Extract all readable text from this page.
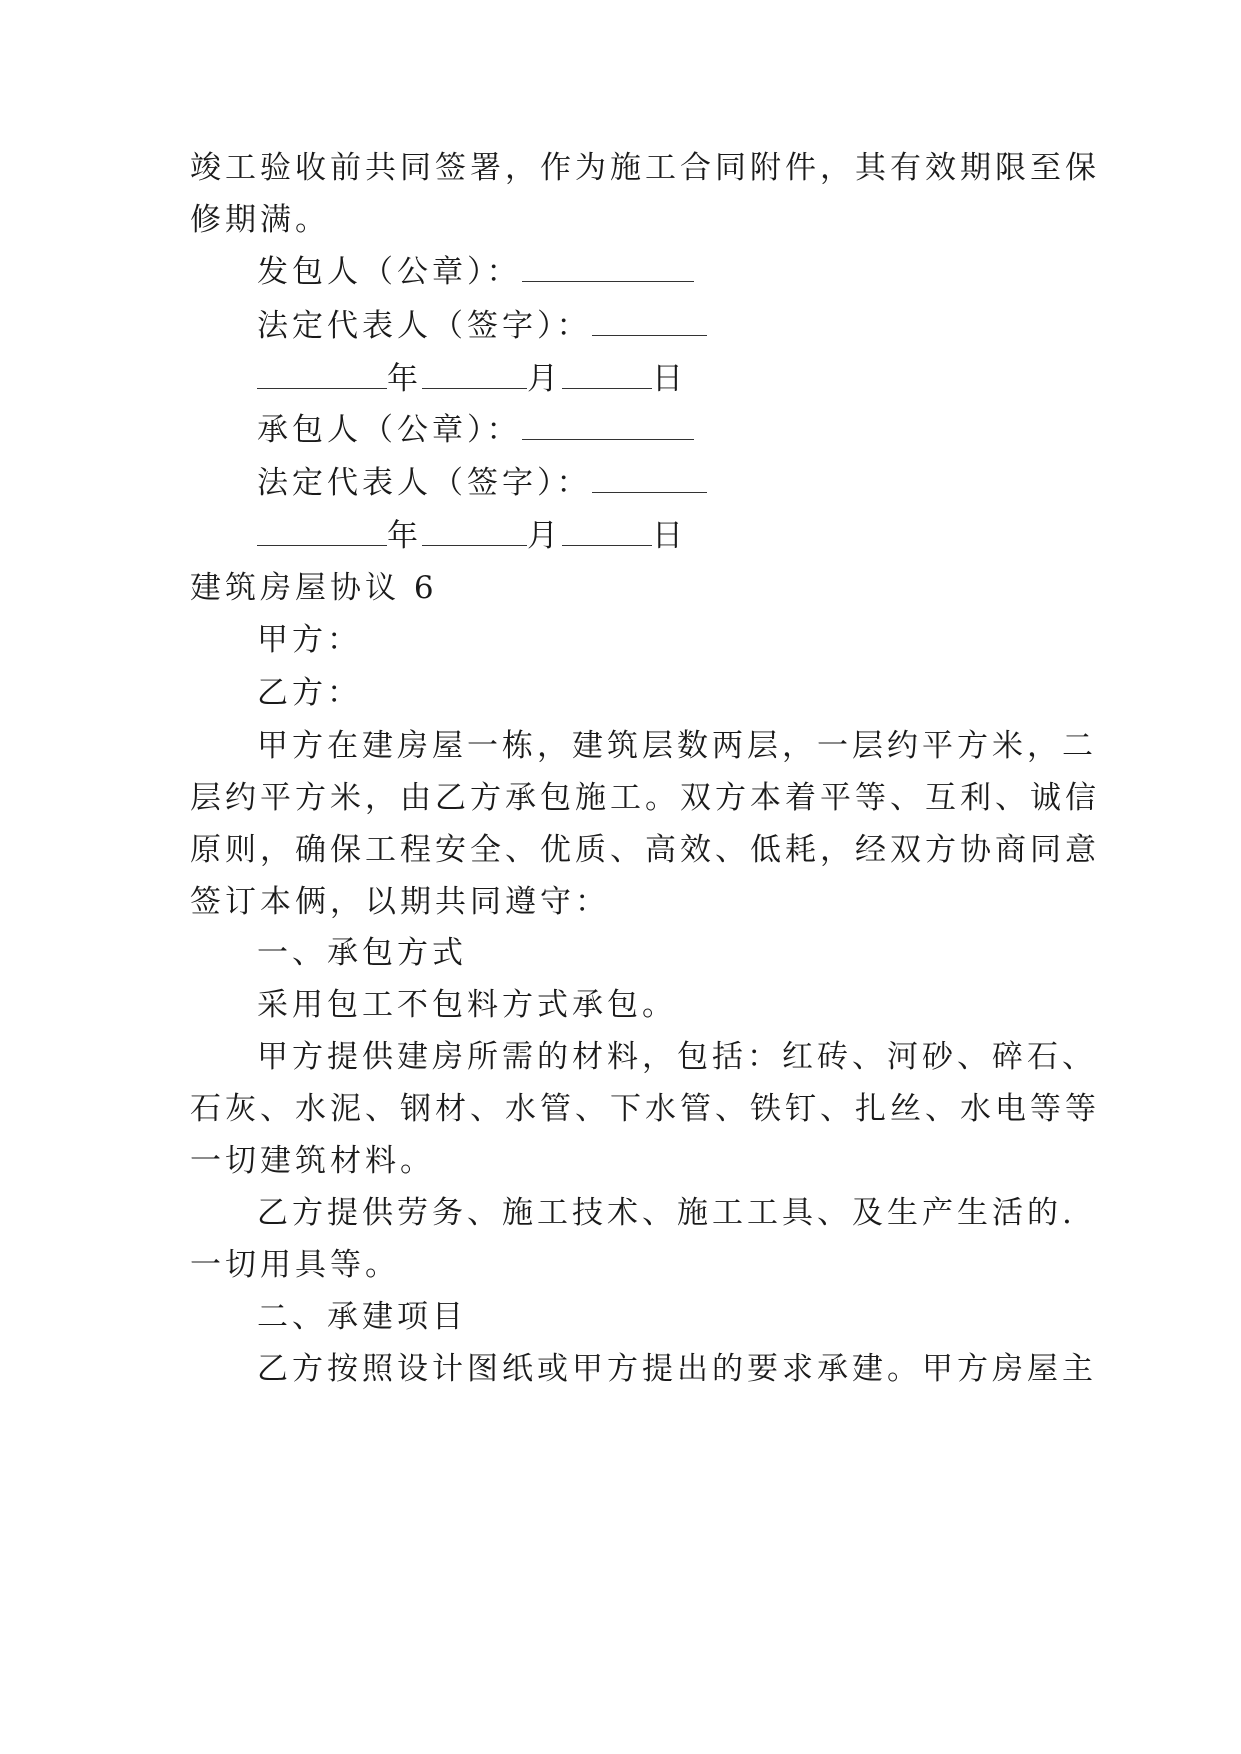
竣工验收前共同签署，作为施工合同附件，其有效期限至保
修期满。
发包人（公章）：
法定代表人（签字）：
年	月	日
承包人（公章）：
法定代表人（签字）：
年	月	日
建筑房屋协议 6
甲方：
乙方：
甲方在建房屋一栋，建筑层数两层，一层约平方米，二
层约平方米，由乙方承包施工。双方本着平等、互利、诚信
原则，确保工程安全、优质、高效、低耗，经双方协商同意
签订本俩，以期共同遵守：
一、承包方式
采用包工不包料方式承包。
甲方提供建房所需的材料，包括：红砖、河砂、碎石、
石灰、水泥、钢材、水管、下水管、铁钉、扎丝、水电等等
一切建筑材料。
乙方提供劳务、施工技术、施工工具、及生产生活的.
一切用具等。
二、承建项目
乙方按照设计图纸或甲方提出的要求承建。甲方房屋主
